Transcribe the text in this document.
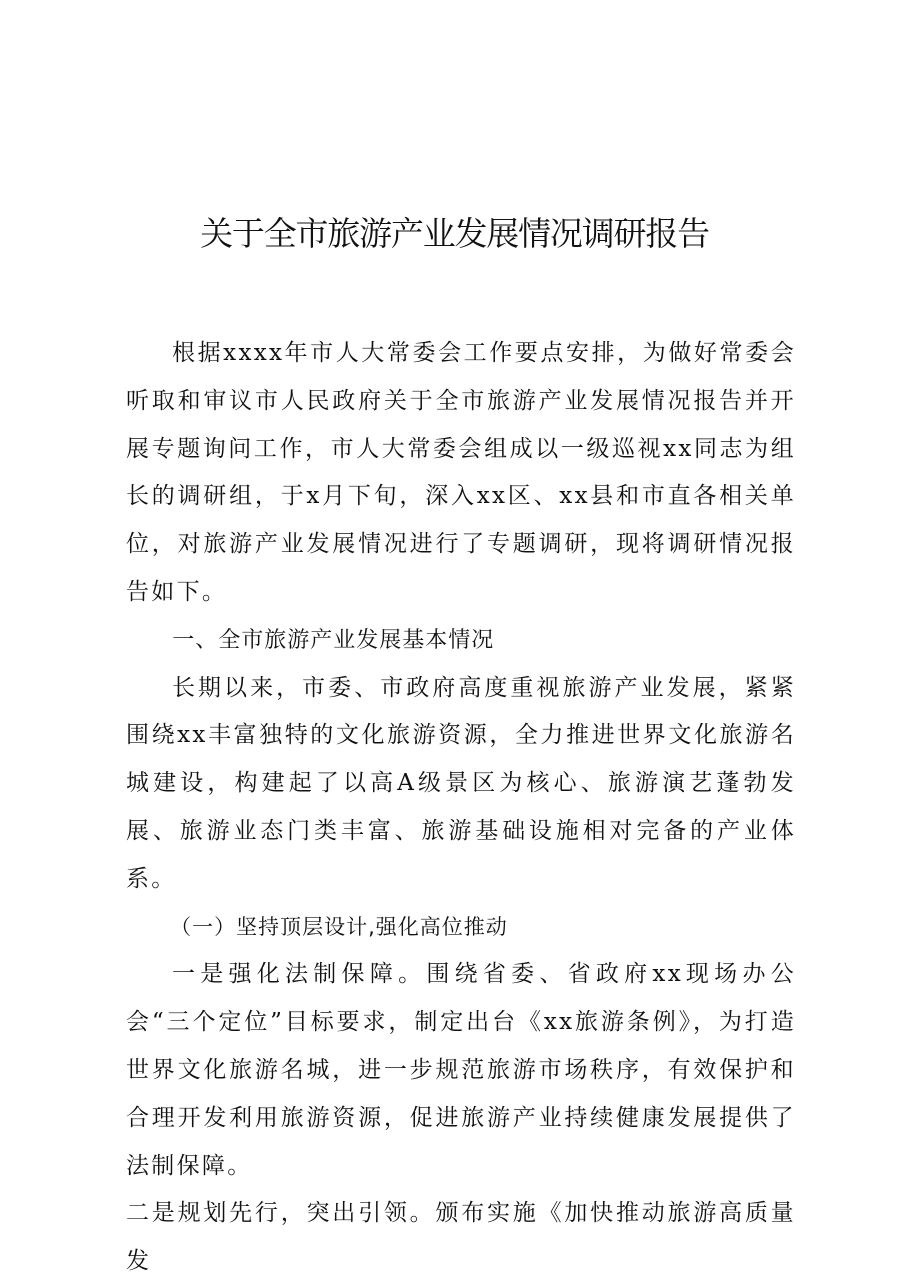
关于全市旅游产业发展情况调研报告

根据xxxx年市人大常委会工作要点安排，为做好常委会听取和审议市人民政府关于全市旅游产业发展情况报告并开展专题询问工作，市人大常委会组成以一级巡视xx同志为组长的调研组，于x月下旬，深入xx区、xx县和市直各相关单位，对旅游产业发展情况进行了专题调研，现将调研情况报告如下。

一、全市旅游产业发展基本情况

长期以来，市委、市政府高度重视旅游产业发展，紧紧围绕xx丰富独特的文化旅游资源，全力推进世界文化旅游名城建设，构建起了以高A级景区为核心、旅游演艺蓬勃发展、旅游业态门类丰富、旅游基础设施相对完备的产业体系。

（一）坚持顶层设计,强化高位推动

一是强化法制保障。围绕省委、省政府xx现场办公会“三个定位”目标要求，制定出台《xx旅游条例》，为打造世界文化旅游名城，进一步规范旅游市场秩序，有效保护和合理开发利用旅游资源，促进旅游产业持续健康发展提供了法制保障。

二是规划先行，突出引领。颁布实施《加快推动旅游高质量发
